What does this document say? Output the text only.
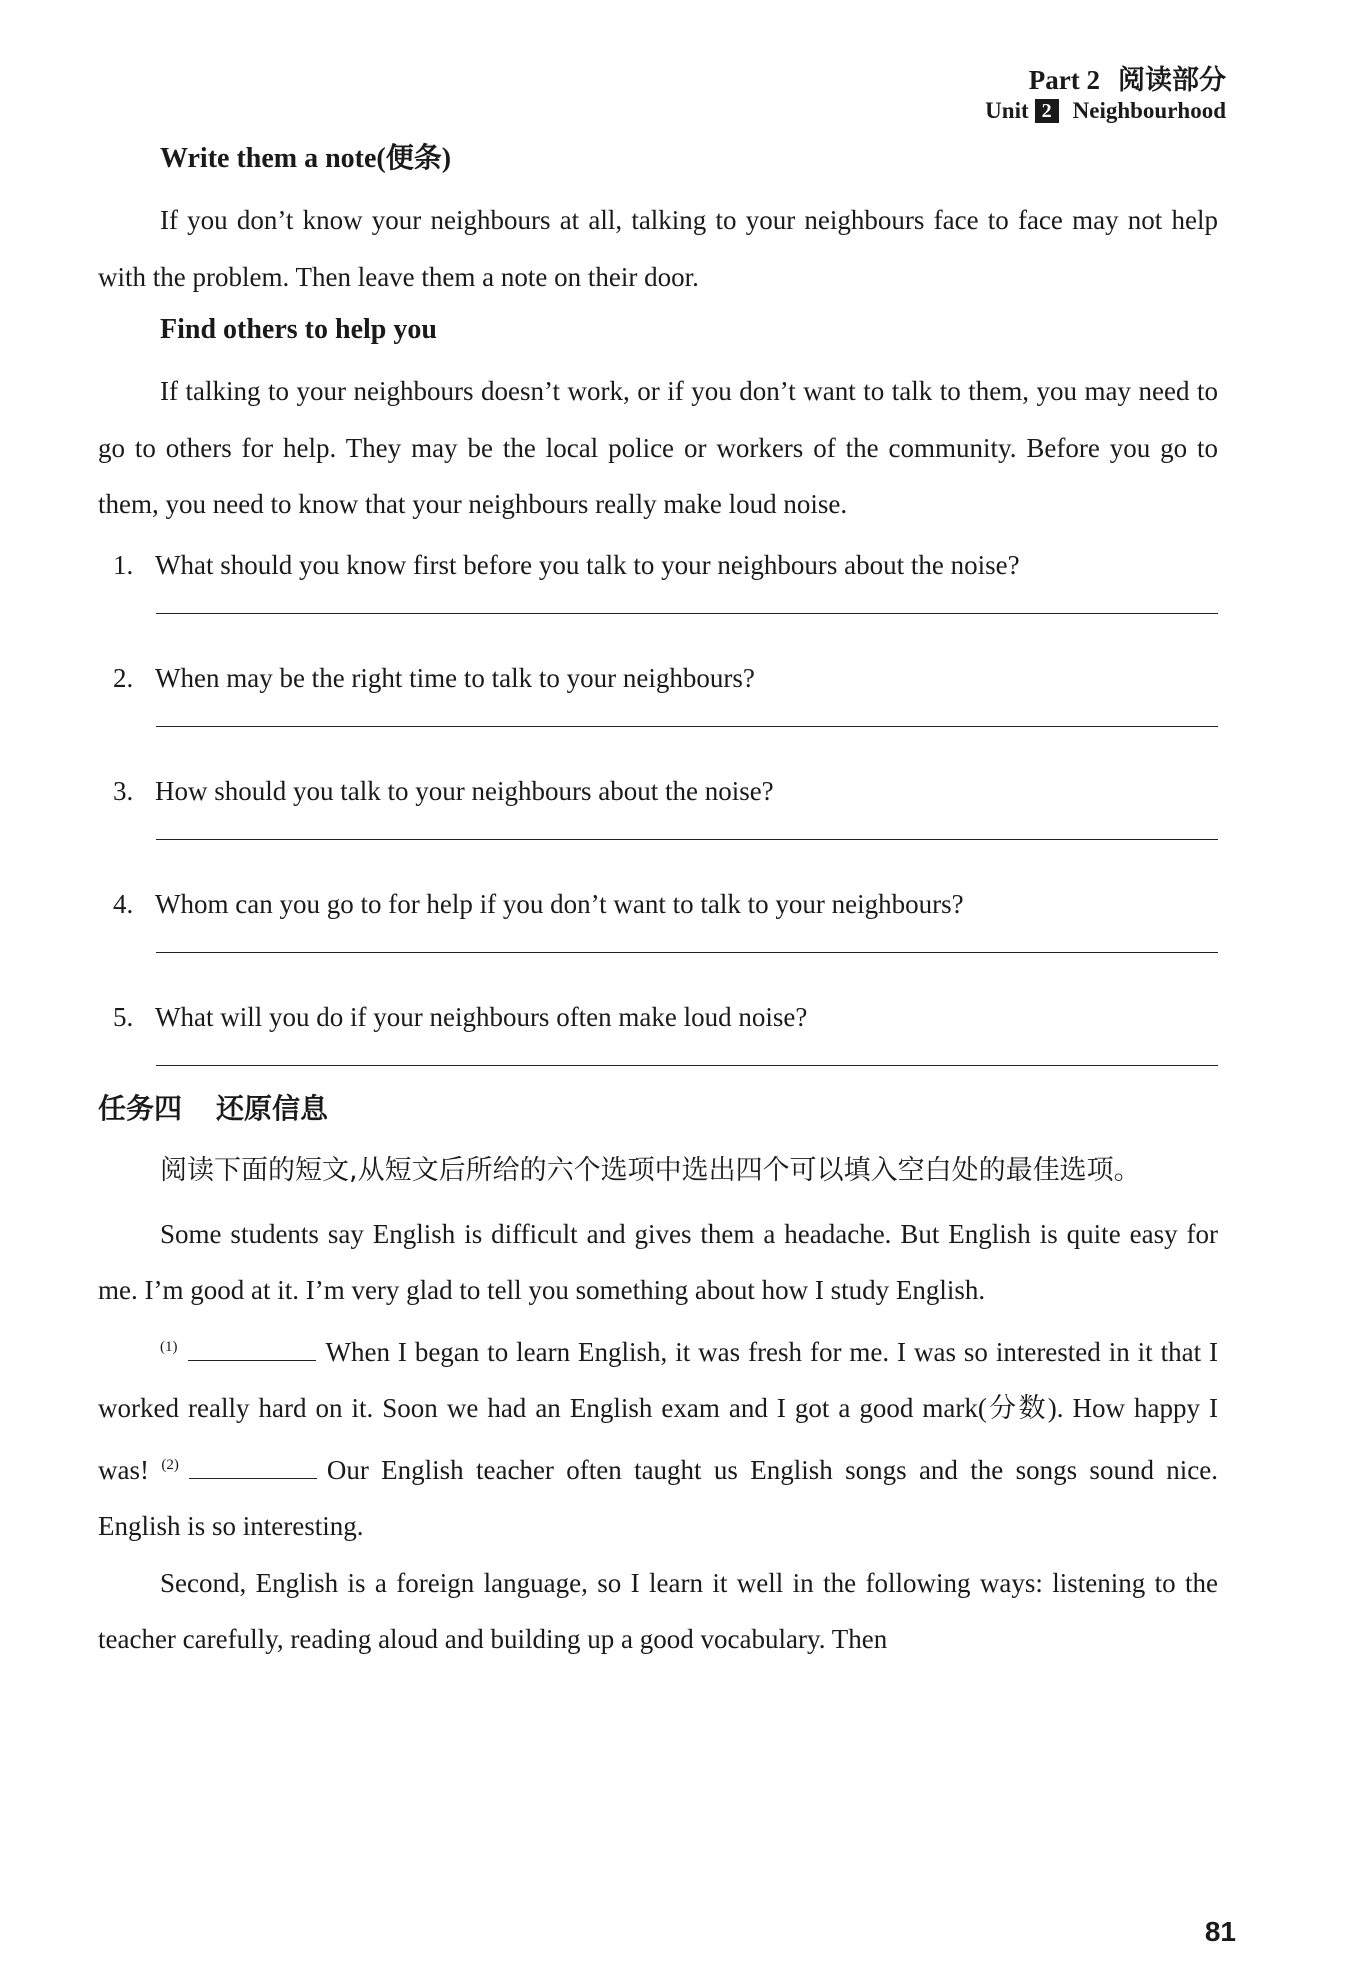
Part 2 阅读部分
Unit 2 Neighbourhood
Write them a note(便条)

If you don’t know your neighbours at all, talking to your neighbours face to face may not help with the problem. Then leave them a note on their door.

Find others to help you

If talking to your neighbours doesn’t work, or if you don’t want to talk to them, you may need to go to others for help. They may be the local police or workers of the community. Before you go to them, you need to know that your neighbours really make loud noise.

1. What should you know first before you talk to your neighbours about the noise?
2. When may be the right time to talk to your neighbours?
3. How should you talk to your neighbours about the noise?
4. Whom can you go to for help if you don’t want to talk to your neighbours?
5. What will you do if your neighbours often make loud noise?
任务四 还原信息

阅读下面的短文,从短文后所给的六个选项中选出四个可以填入空白处的最佳选项。

Some students say English is difficult and gives them a headache. But English is quite easy for me. I’m good at it. I’m very glad to tell you something about how I study English.

$^{(1)}$	When I began to learn English, it was fresh for me. I was so interested in it that I worked really hard on it. Soon we had an English exam and I got a good mark(分数). How happy I was! $^{(2)}$	Our English teacher often taught us English songs and the songs sound nice. English is so interesting.

Second, English is a foreign language, so I learn it well in the following ways: listening to the teacher carefully, reading aloud and building up a good vocabulary. Then

81
